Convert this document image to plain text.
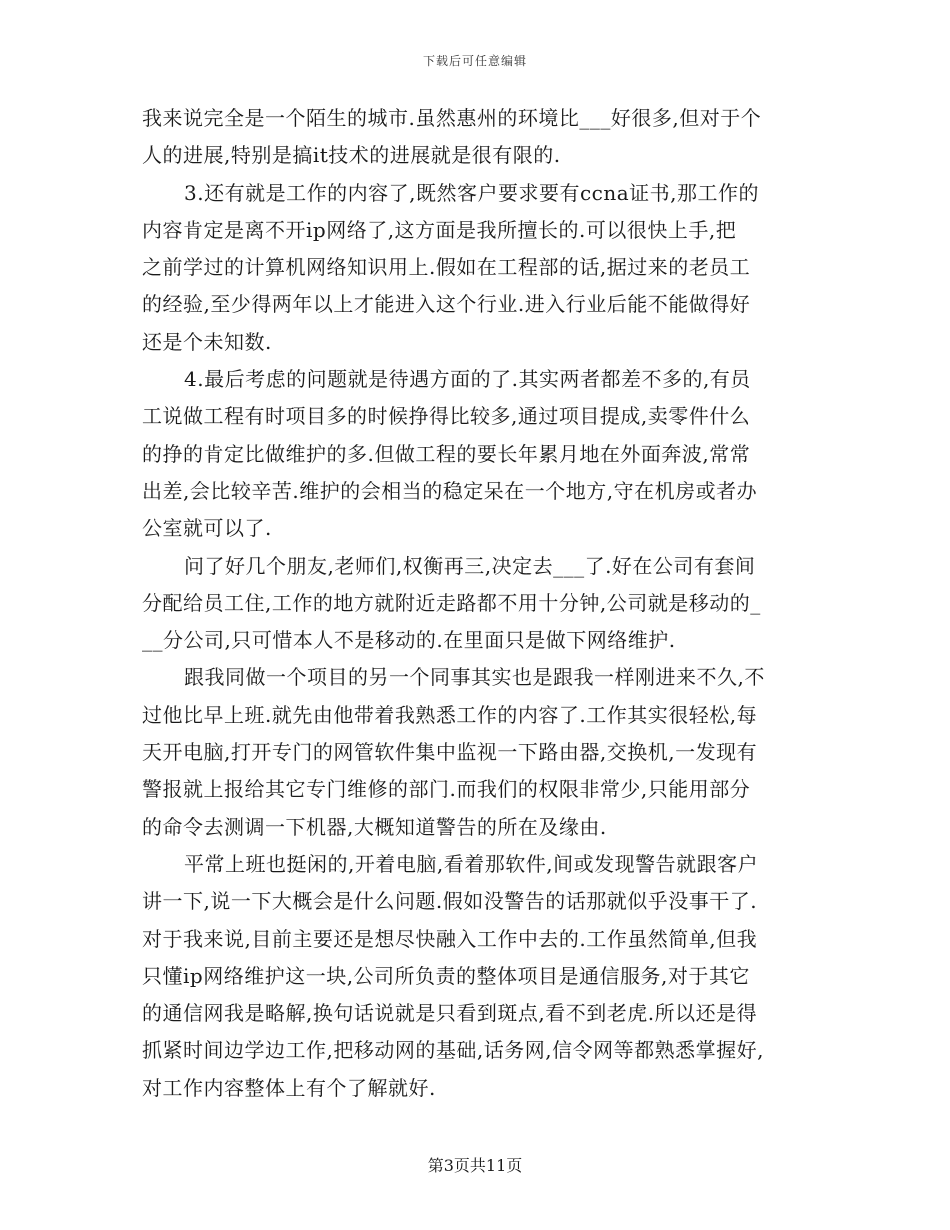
下载后可任意编辑
我来说完全是一个陌生的城市.虽然惠州的环境比___好很多,但对于个
人的进展,特别是搞it技术的进展就是很有限的.
3.还有就是工作的内容了,既然客户要求要有ccna证书,那工作的
内容肯定是离不开ip网络了,这方面是我所擅长的.可以很快上手,把
之前学过的计算机网络知识用上.假如在工程部的话,据过来的老员工
的经验,至少得两年以上才能进入这个行业.进入行业后能不能做得好
还是个未知数.
4.最后考虑的问题就是待遇方面的了.其实两者都差不多的,有员
工说做工程有时项目多的时候挣得比较多,通过项目提成,卖零件什么
的挣的肯定比做维护的多.但做工程的要长年累月地在外面奔波,常常
出差,会比较辛苦.维护的会相当的稳定呆在一个地方,守在机房或者办
公室就可以了.
问了好几个朋友,老师们,权衡再三,决定去___了.好在公司有套间
分配给员工住,工作的地方就附近走路都不用十分钟,公司就是移动的_
__分公司,只可惜本人不是移动的.在里面只是做下网络维护.
跟我同做一个项目的另一个同事其实也是跟我一样刚进来不久,不
过他比早上班.就先由他带着我熟悉工作的内容了.工作其实很轻松,每
天开电脑,打开专门的网管软件集中监视一下路由器,交换机,一发现有
警报就上报给其它专门维修的部门.而我们的权限非常少,只能用部分
的命令去测调一下机器,大概知道警告的所在及缘由.
平常上班也挺闲的,开着电脑,看着那软件,间或发现警告就跟客户
讲一下,说一下大概会是什么问题.假如没警告的话那就似乎没事干了.
对于我来说,目前主要还是想尽快融入工作中去的.工作虽然简单,但我
只懂ip网络维护这一块,公司所负责的整体项目是通信服务,对于其它
的通信网我是略解,换句话说就是只看到斑点,看不到老虎.所以还是得
抓紧时间边学边工作,把移动网的基础,话务网,信令网等都熟悉掌握好,
对工作内容整体上有个了解就好.
第3页共11页
